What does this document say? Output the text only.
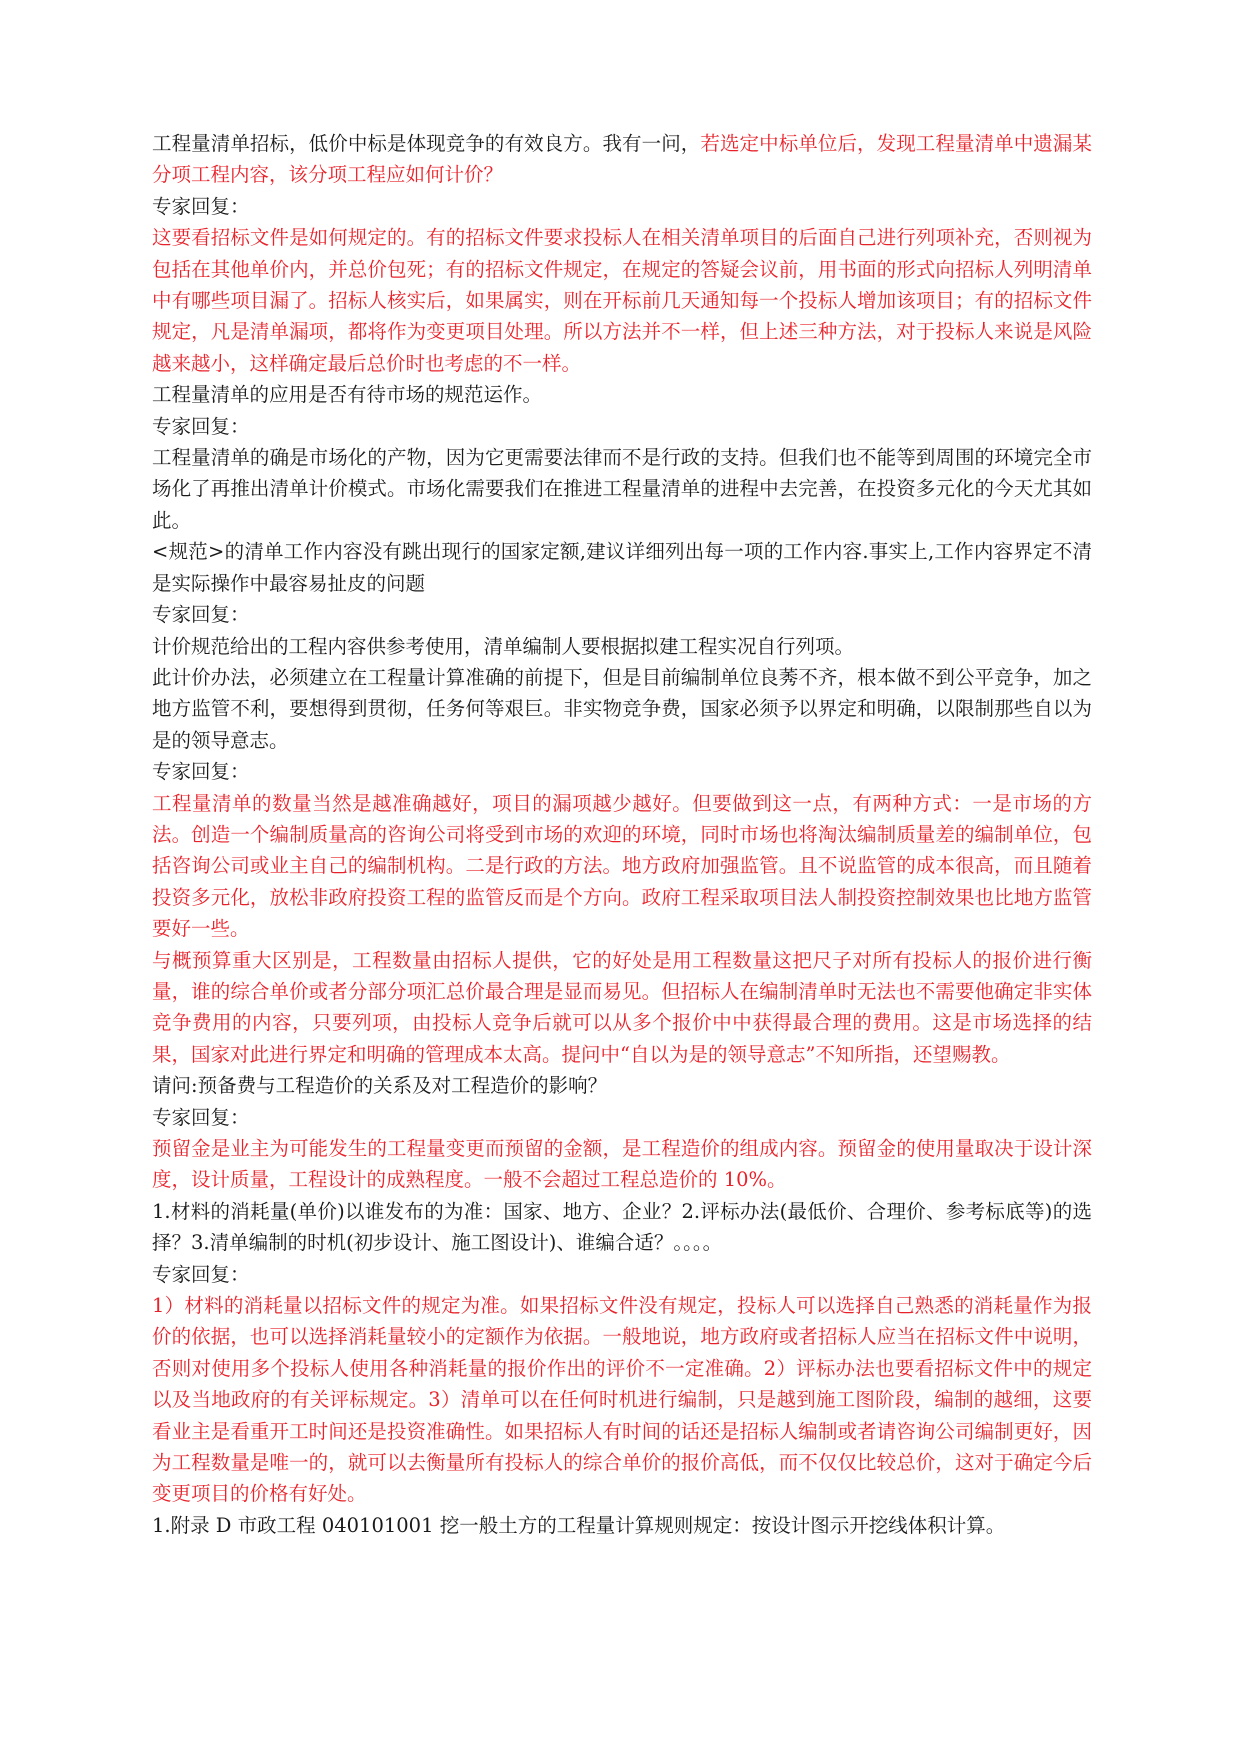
工程量清单招标，低价中标是体现竞争的有效良方。我有一问，若选定中标单位后，发现工程量清单中遗漏某分项工程内容，该分项工程应如何计价？

专家回复：

这要看招标文件是如何规定的。有的招标文件要求投标人在相关清单项目的后面自己进行列项补充，否则视为包括在其他单价内，并总价包死；有的招标文件规定，在规定的答疑会议前，用书面的形式向招标人列明清单中有哪些项目漏了。招标人核实后，如果属实，则在开标前几天通知每一个投标人增加该项目；有的招标文件规定，凡是清单漏项，都将作为变更项目处理。所以方法并不一样，但上述三种方法，对于投标人来说是风险越来越小，这样确定最后总价时也考虑的不一样。

工程量清单的应用是否有待市场的规范运作。

专家回复：

工程量清单的确是市场化的产物，因为它更需要法律而不是行政的支持。但我们也不能等到周围的环境完全市场化了再推出清单计价模式。市场化需要我们在推进工程量清单的进程中去完善，在投资多元化的今天尤其如此。

<规范>的清单工作内容没有跳出现行的国家定额,建议详细列出每一项的工作内容.事实上,工作内容界定不清是实际操作中最容易扯皮的问题

专家回复：

计价规范给出的工程内容供参考使用，清单编制人要根据拟建工程实况自行列项。

此计价办法，必须建立在工程量计算准确的前提下，但是目前编制单位良莠不齐，根本做不到公平竞争，加之地方监管不利，要想得到贯彻，任务何等艰巨。非实物竞争费，国家必须予以界定和明确，以限制那些自以为是的领导意志。

专家回复：

工程量清单的数量当然是越准确越好，项目的漏项越少越好。但要做到这一点，有两种方式：一是市场的方法。创造一个编制质量高的咨询公司将受到市场的欢迎的环境，同时市场也将淘汰编制质量差的编制单位，包括咨询公司或业主自己的编制机构。二是行政的方法。地方政府加强监管。且不说监管的成本很高，而且随着投资多元化，放松非政府投资工程的监管反而是个方向。政府工程采取项目法人制投资控制效果也比地方监管要好一些。

与概预算重大区别是，工程数量由招标人提供，它的好处是用工程数量这把尺子对所有投标人的报价进行衡量，谁的综合单价或者分部分项汇总价最合理是显而易见。但招标人在编制清单时无法也不需要他确定非实体竞争费用的内容，只要列项，由投标人竞争后就可以从多个报价中中获得最合理的费用。这是市场选择的结果，国家对此进行界定和明确的管理成本太高。提问中“自以为是的领导意志”不知所指，还望赐教。

请问:预备费与工程造价的关系及对工程造价的影响？

专家回复：

预留金是业主为可能发生的工程量变更而预留的金额，是工程造价的组成内容。预留金的使用量取决于设计深度，设计质量，工程设计的成熟程度。一般不会超过工程总造价的 10%。

1.材料的消耗量(单价)以谁发布的为准：国家、地方、企业？2.评标办法(最低价、合理价、参考标底等)的选择？3.清单编制的时机(初步设计、施工图设计)、谁编合适？。。。。

专家回复：

1）材料的消耗量以招标文件的规定为准。如果招标文件没有规定，投标人可以选择自己熟悉的消耗量作为报价的依据，也可以选择消耗量较小的定额作为依据。一般地说，地方政府或者招标人应当在招标文件中说明，否则对使用多个投标人使用各种消耗量的报价作出的评价不一定准确。2）评标办法也要看招标文件中的规定以及当地政府的有关评标规定。3）清单可以在任何时机进行编制，只是越到施工图阶段，编制的越细，这要看业主是看重开工时间还是投资准确性。如果招标人有时间的话还是招标人编制或者请咨询公司编制更好，因为工程数量是唯一的，就可以去衡量所有投标人的综合单价的报价高低，而不仅仅比较总价，这对于确定今后变更项目的价格有好处。

1.附录 D 市政工程 040101001 挖一般土方的工程量计算规则规定：按设计图示开挖线体积计算。
